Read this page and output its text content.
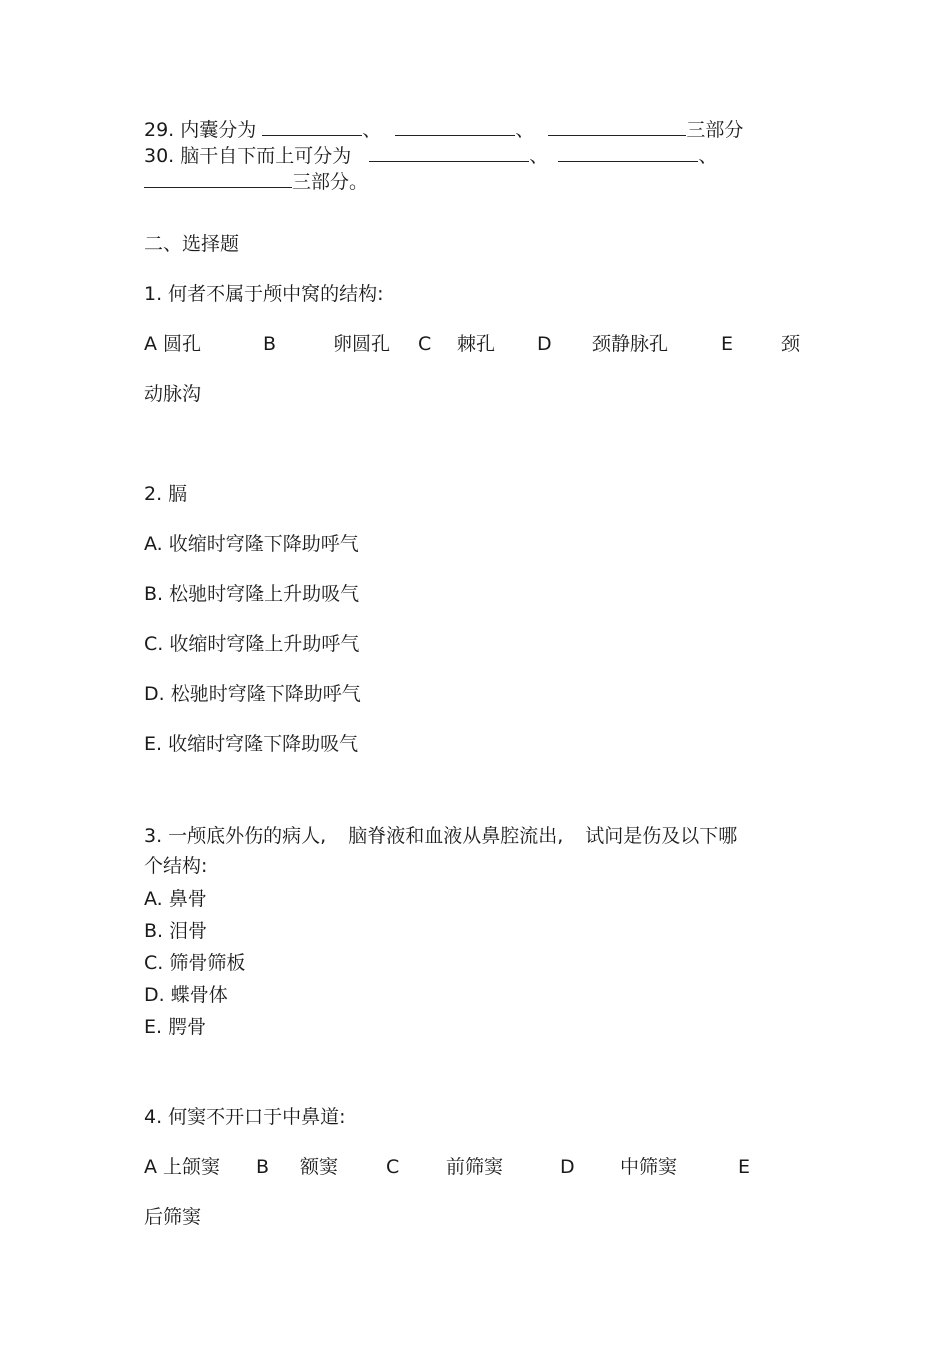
29. 内囊分为	、	、	三部分

30. 脑干自下而上可分为	、	、

三部分。

二、选择题

1. 何者不属于颅中窝的结构:

A 圆孔	B	卵圆孔 C 棘孔 D 颈静脉孔	E	颈

动脉沟

2. 膈

A. 收缩时穹隆下降助呼气

B. 松驰时穹隆上升助吸气

C. 收缩时穹隆上升助呼气

D. 松驰时穹隆下降助呼气

E. 收缩时穹隆下降助吸气

3. 一颅底外伤的病人, 脑脊液和血液从鼻腔流出, 试问是伤及以下哪

个结构:

A. 鼻骨

B. 泪骨

C. 筛骨筛板

D. 蝶骨体

E. 腭骨

4. 何窦不开口于中鼻道:

A 上颌窦 B 额窦	C 前筛窦	D 中筛窦	E

后筛窦
